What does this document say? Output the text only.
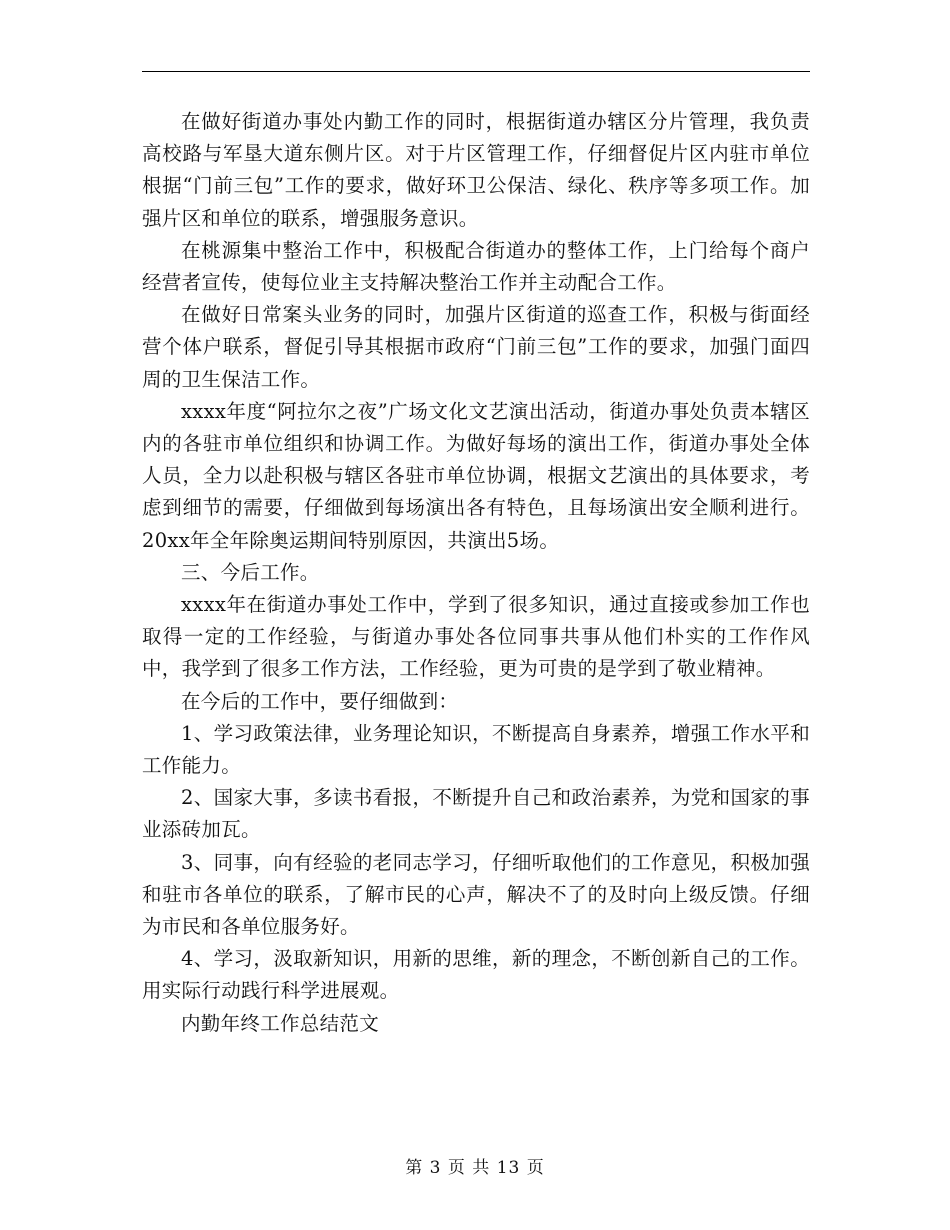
在做好街道办事处内勤工作的同时，根据街道办辖区分片管理，我负责高校路与军垦大道东侧片区。对于片区管理工作，仔细督促片区内驻市单位根据“门前三包”工作的要求，做好环卫公保洁、绿化、秩序等多项工作。加强片区和单位的联系，增强服务意识。

在桃源集中整治工作中，积极配合街道办的整体工作，上门给每个商户经营者宣传，使每位业主支持解决整治工作并主动配合工作。

在做好日常案头业务的同时，加强片区街道的巡查工作，积极与街面经营个体户联系，督促引导其根据市政府“门前三包”工作的要求，加强门面四周的卫生保洁工作。

xxxx年度“阿拉尔之夜”广场文化文艺演出活动，街道办事处负责本辖区内的各驻市单位组织和协调工作。为做好每场的演出工作，街道办事处全体人员，全力以赴积极与辖区各驻市单位协调，根据文艺演出的具体要求，考虑到细节的需要，仔细做到每场演出各有特色，且每场演出安全顺利进行。20xx年全年除奥运期间特别原因，共演出5场。

三、今后工作。

xxxx年在街道办事处工作中，学到了很多知识，通过直接或参加工作也取得一定的工作经验，与街道办事处各位同事共事从他们朴实的工作作风中，我学到了很多工作方法，工作经验，更为可贵的是学到了敬业精神。

在今后的工作中，要仔细做到：

1、学习政策法律，业务理论知识，不断提高自身素养，增强工作水平和工作能力。

2、国家大事，多读书看报，不断提升自己和政治素养，为党和国家的事业添砖加瓦。

3、同事，向有经验的老同志学习，仔细听取他们的工作意见，积极加强和驻市各单位的联系，了解市民的心声，解决不了的及时向上级反馈。仔细为市民和各单位服务好。

4、学习，汲取新知识，用新的思维，新的理念，不断创新自己的工作。用实际行动践行科学进展观。

内勤年终工作总结范文

第 3 页 共 13 页
